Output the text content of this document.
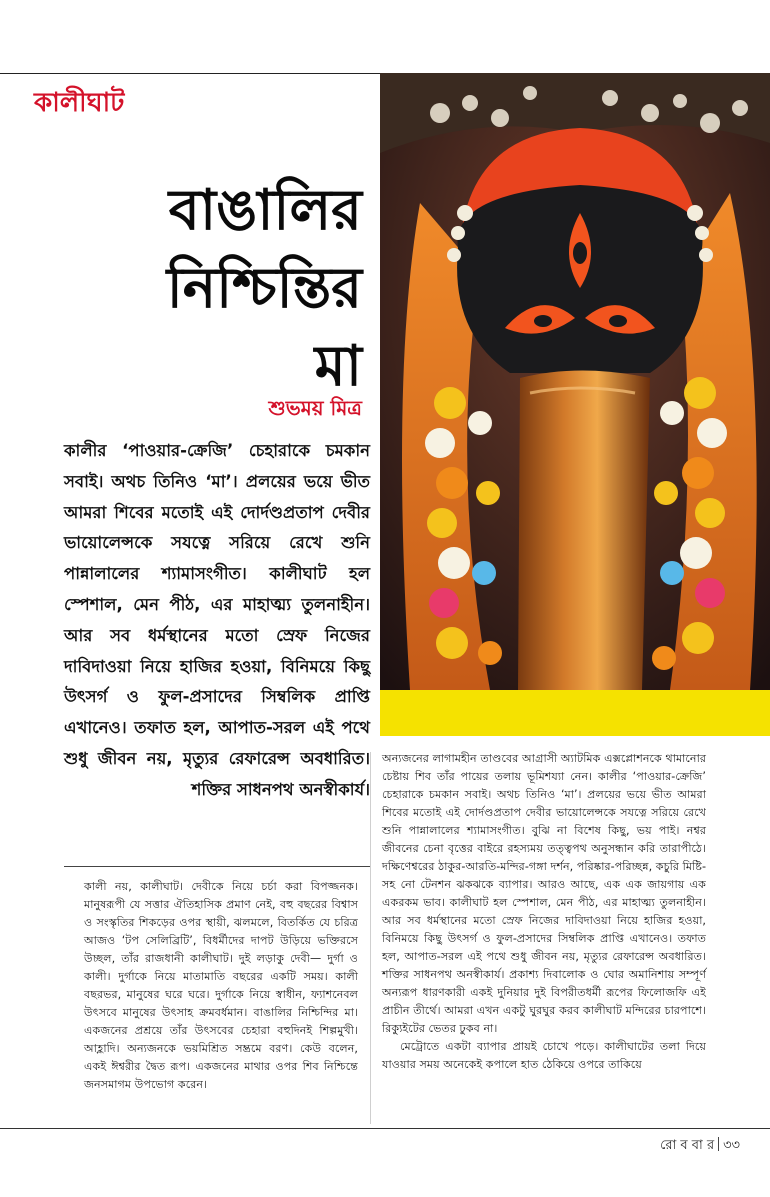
কালীঘাট
বাঙালির
নিশ্চিন্তির
মা
শুভময় মিত্র
কালীর ‘পাওয়ার-ক্রেজি’ চেহারাকে চমকান সবাই। অথচ তিনিও ‘মা’। প্রলয়ের ভয়ে ভীত আমরা শিবের মতোই এই দোর্দণ্ডপ্রতাপ দেবীর ভায়োলেন্সকে সযত্নে সরিয়ে রেখে শুনি পান্নালালের শ্যামাসংগীত। কালীঘাট হল স্পেশাল, মেন পীঠ, এর মাহাত্ম্য তুলনাহীন। আর সব ধর্মস্থানের মতো স্রেফ নিজের দাবিদাওয়া নিয়ে হাজির হওয়া, বিনিময়ে কিছু উৎসর্গ ও ফুল-প্রসাদের সিম্বলিক প্রাপ্তি এখানেও। তফাত হল, আপাত-সরল এই পথে শুধু জীবন নয়, মৃত্যুর রেফারেন্স অবধারিত। শক্তির সাধনপথ অনস্বীকার্য।

কালী নয়, কালীঘাট। দেবীকে নিয়ে চর্চা করা বিপজ্জনক। মানুষরূপী যে সত্তার ঐতিহাসিক প্রমাণ নেই, বহু বছরের বিশ্বাস ও সংস্কৃতির শিকড়ের ওপর স্থায়ী, ঝলমলে, বিতর্কিত যে চরিত্র আজও ‘টপ সেলিব্রিটি’, বিধর্মীদের দাপট উড়িয়ে ভক্তিরসে উচ্ছল, তাঁর রাজধানী কালীঘাট। দুই লড়াকু দেবী— দুর্গা ও কালী। দুর্গাকে নিয়ে মাতামাতি বছরের একটি সময়। কালী বছরভর, মানুষের ঘরে ঘরে। দুর্গাকে নিয়ে স্বাধীন, ফ্যাশনেবল উৎসবে মানুষের উৎসাহ ক্রমবর্ধমান। বাঙালির নিশ্চিন্দির মা। একজনের প্রশ্রয়ে তাঁর উৎসবের চেহারা বহুদিনই শিল্পমুখী। আহ্লাদি। অন্যজনকে ভয়মিশ্রিত সম্ভ্রমে বরণ। কেউ বলেন, একই ঈশ্বরীর দ্বৈত রূপ। একজনের মাথার ওপর শিব নিশ্চিন্তে জনসমাগম উপভোগ করেন।

অন্যজনের লাগামহীন তাণ্ডবের আগ্রাসী অ্যাটমিক এক্সপ্লোশনকে থামানোর চেষ্টায় শিব তাঁর পায়ের তলায় ভূমিশয্যা নেন। কালীর ‘পাওয়ার-ক্রেজি’ চেহারাকে চমকান সবাই। অথচ তিনিও ‘মা’। প্রলয়ের ভয়ে ভীত আমরা শিবের মতোই এই দোর্দণ্ডপ্রতাপ দেবীর ভায়োলেন্সকে সযত্নে সরিয়ে রেখে শুনি পান্নালালের শ্যামাসংগীত। বুঝি না বিশেষ কিছু, ভয় পাই। নশ্বর জীবনের চেনা বৃত্তের বাইরে রহস্যময় তত্ত্বপথ অনুসন্ধান করি তারাপীঠে। দক্ষিণেশ্বরের ঠাকুর-আরতি-মন্দির-গঙ্গা দর্শন, পরিষ্কার-পরিচ্ছন্ন, কচুরি মিষ্টি-সহ নো টেনশন ঝকঝকে ব্যাপার। আরও আছে, এক এক জায়গায় এক একরকম ভাব। কালীঘাট হল স্পেশাল, মেন পীঠ, এর মাহাত্ম্য তুলনাহীন। আর সব ধর্মস্থানের মতো স্রেফ নিজের দাবিদাওয়া নিয়ে হাজির হওয়া, বিনিময়ে কিছু উৎসর্গ ও ফুল-প্রসাদের সিম্বলিক প্রাপ্তি এখানেও। তফাত হল, আপাত-সরল এই পথে শুধু জীবন নয়, মৃত্যুর রেফারেন্স অবধারিত। শক্তির সাধনপথ অনস্বীকার্য। প্রকাশ্য দিবালোক ও ঘোর অমানিশায় সম্পূর্ণ অন্যরূপ ধারণকারী একই দুনিয়ার দুই বিপরীতধর্মী রূপের ফিলোজফি এই প্রাচীন তীর্থে। আমরা এখন একটু ঘুরঘুর করব কালীঘাট মন্দিরের চারপাশে। রিক্যুইটের ভেতর ঢুকব না।

মেট্রোতে একটা ব্যাপার প্রায়ই চোখে পড়ে। কালীঘাটের তলা দিয়ে যাওয়ার সময় অনেকেই কপালে হাত ঠেকিয়ে ওপরে তাকিয়ে

রো ব বা র ৩৩
